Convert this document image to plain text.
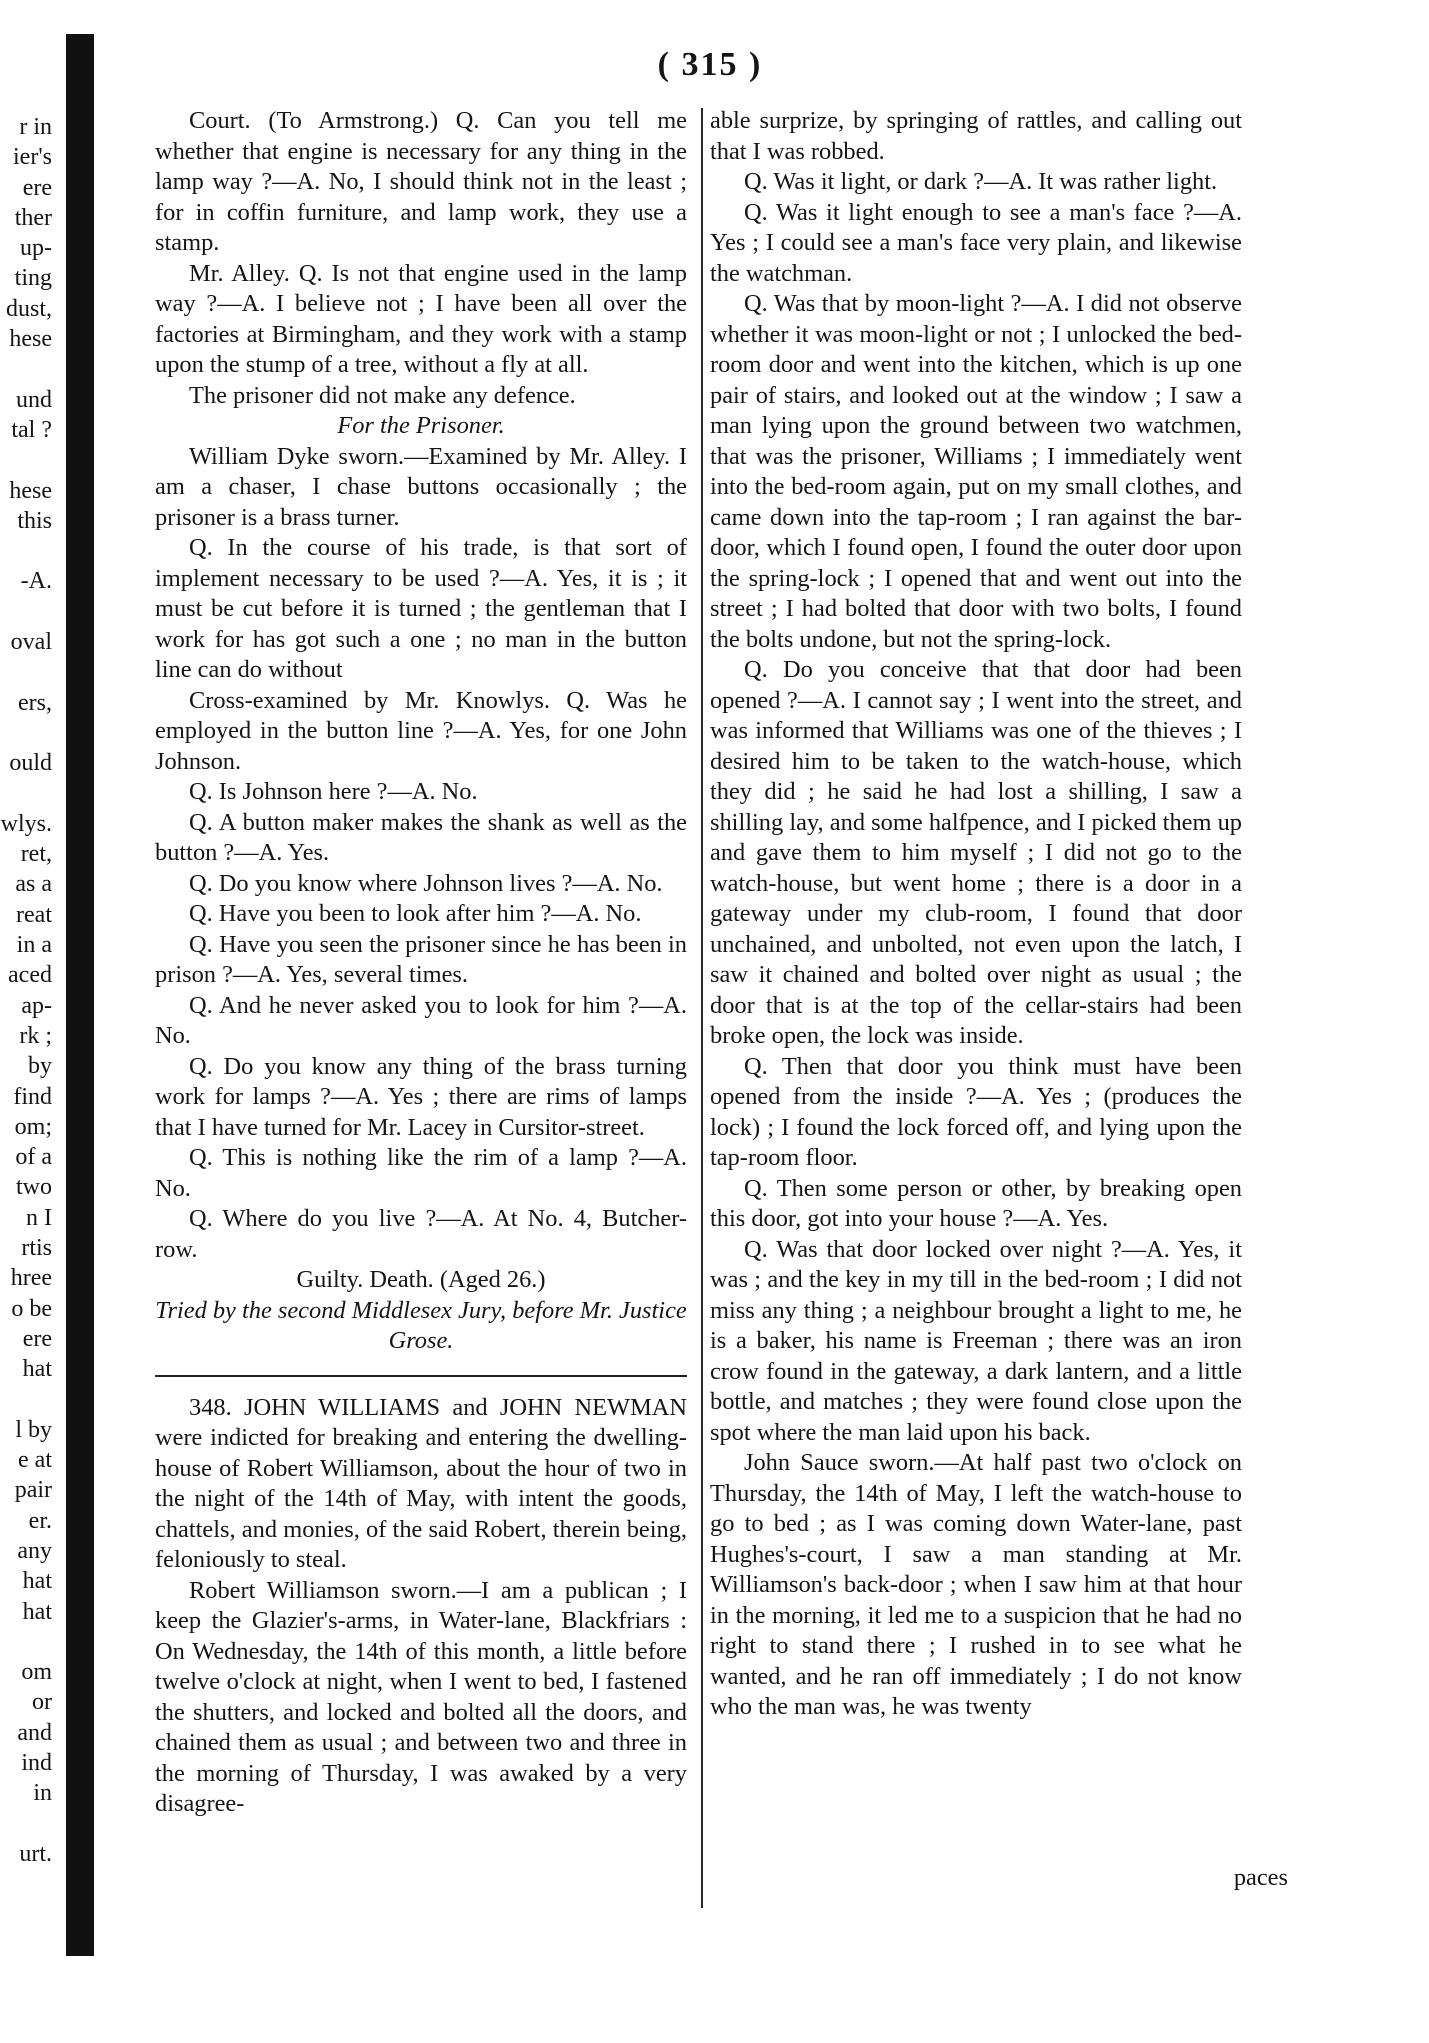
r in
ier's
ere
ther
up-
ting
dust,
hese
und
tal ?
hese
this
-A.
oval
ers,
ould
wlys.
ret,
as a
reat
in a
aced
ap-
rk ;
by
find
om;
of a
two
n I
rtis
hree
o be
ere
hat
l by
e at
pair
er.
any
hat
hat
om
or
and
ind
in
urt.
( 315 )

Court. (To Armstrong.) Q. Can you tell me whether that engine is necessary for any thing in the lamp way ?—A. No, I should think not in the least ; for in coffin furniture, and lamp work, they use a stamp.

Mr. Alley. Q. Is not that engine used in the lamp way ?—A. I believe not ; I have been all over the factories at Birmingham, and they work with a stamp upon the stump of a tree, without a fly at all.

The prisoner did not make any defence.

For the Prisoner.

William Dyke sworn.—Examined by Mr. Alley. I am a chaser, I chase buttons occasionally ; the prisoner is a brass turner.

Q. In the course of his trade, is that sort of implement necessary to be used ?—A. Yes, it is ; it must be cut before it is turned ; the gentleman that I work for has got such a one ; no man in the button line can do without

Cross-examined by Mr. Knowlys. Q. Was he employed in the button line ?—A. Yes, for one John Johnson.

Q. Is Johnson here ?—A. No.

Q. A button maker makes the shank as well as the button ?—A. Yes.

Q. Do you know where Johnson lives ?—A. No.

Q. Have you been to look after him ?—A. No.

Q. Have you seen the prisoner since he has been in prison ?—A. Yes, several times.

Q. And he never asked you to look for him ?—A. No.

Q. Do you know any thing of the brass turning work for lamps ?—A. Yes ; there are rims of lamps that I have turned for Mr. Lacey in Cursitor-street.

Q. This is nothing like the rim of a lamp ?—A. No.

Q. Where do you live ?—A. At No. 4, Butcher-row.

Guilty. Death. (Aged 26.)

Tried by the second Middlesex Jury, before Mr. Justice Grose.

348. JOHN WILLIAMS and JOHN NEWMAN were indicted for breaking and entering the dwelling-house of Robert Williamson, about the hour of two in the night of the 14th of May, with intent the goods, chattels, and monies, of the said Robert, therein being, feloniously to steal.

Robert Williamson sworn.—I am a publican ; I keep the Glazier's-arms, in Water-lane, Blackfriars : On Wednesday, the 14th of this month, a little before twelve o'clock at night, when I went to bed, I fastened the shutters, and locked and bolted all the doors, and chained them as usual ; and between two and three in the morning of Thursday, I was awaked by a very disagree-

able surprize, by springing of rattles, and calling out that I was robbed.

Q. Was it light, or dark ?—A. It was rather light.

Q. Was it light enough to see a man's face ?—A. Yes ; I could see a man's face very plain, and likewise the watchman.

Q. Was that by moon-light ?—A. I did not observe whether it was moon-light or not ; I unlocked the bed-room door and went into the kitchen, which is up one pair of stairs, and looked out at the window ; I saw a man lying upon the ground between two watchmen, that was the prisoner, Williams ; I immediately went into the bed-room again, put on my small clothes, and came down into the tap-room ; I ran against the bar-door, which I found open, I found the outer door upon the spring-lock ; I opened that and went out into the street ; I had bolted that door with two bolts, I found the bolts undone, but not the spring-lock.

Q. Do you conceive that that door had been opened ?—A. I cannot say ; I went into the street, and was informed that Williams was one of the thieves ; I desired him to be taken to the watch-house, which they did ; he said he had lost a shilling, I saw a shilling lay, and some halfpence, and I picked them up and gave them to him myself ; I did not go to the watch-house, but went home ; there is a door in a gateway under my club-room, I found that door unchained, and unbolted, not even upon the latch, I saw it chained and bolted over night as usual ; the door that is at the top of the cellar-stairs had been broke open, the lock was inside.

Q. Then that door you think must have been opened from the inside ?—A. Yes ; (produces the lock) ; I found the lock forced off, and lying upon the tap-room floor.

Q. Then some person or other, by breaking open this door, got into your house ?—A. Yes.

Q. Was that door locked over night ?—A. Yes, it was ; and the key in my till in the bed-room ; I did not miss any thing ; a neighbour brought a light to me, he is a baker, his name is Freeman ; there was an iron crow found in the gateway, a dark lantern, and a little bottle, and matches ; they were found close upon the spot where the man laid upon his back.

John Sauce sworn.—At half past two o'clock on Thursday, the 14th of May, I left the watch-house to go to bed ; as I was coming down Water-lane, past Hughes's-court, I saw a man standing at Mr. Williamson's back-door ; when I saw him at that hour in the morning, it led me to a suspicion that he had no right to stand there ; I rushed in to see what he wanted, and he ran off immediately ; I do not know who the man was, he was twenty

paces
